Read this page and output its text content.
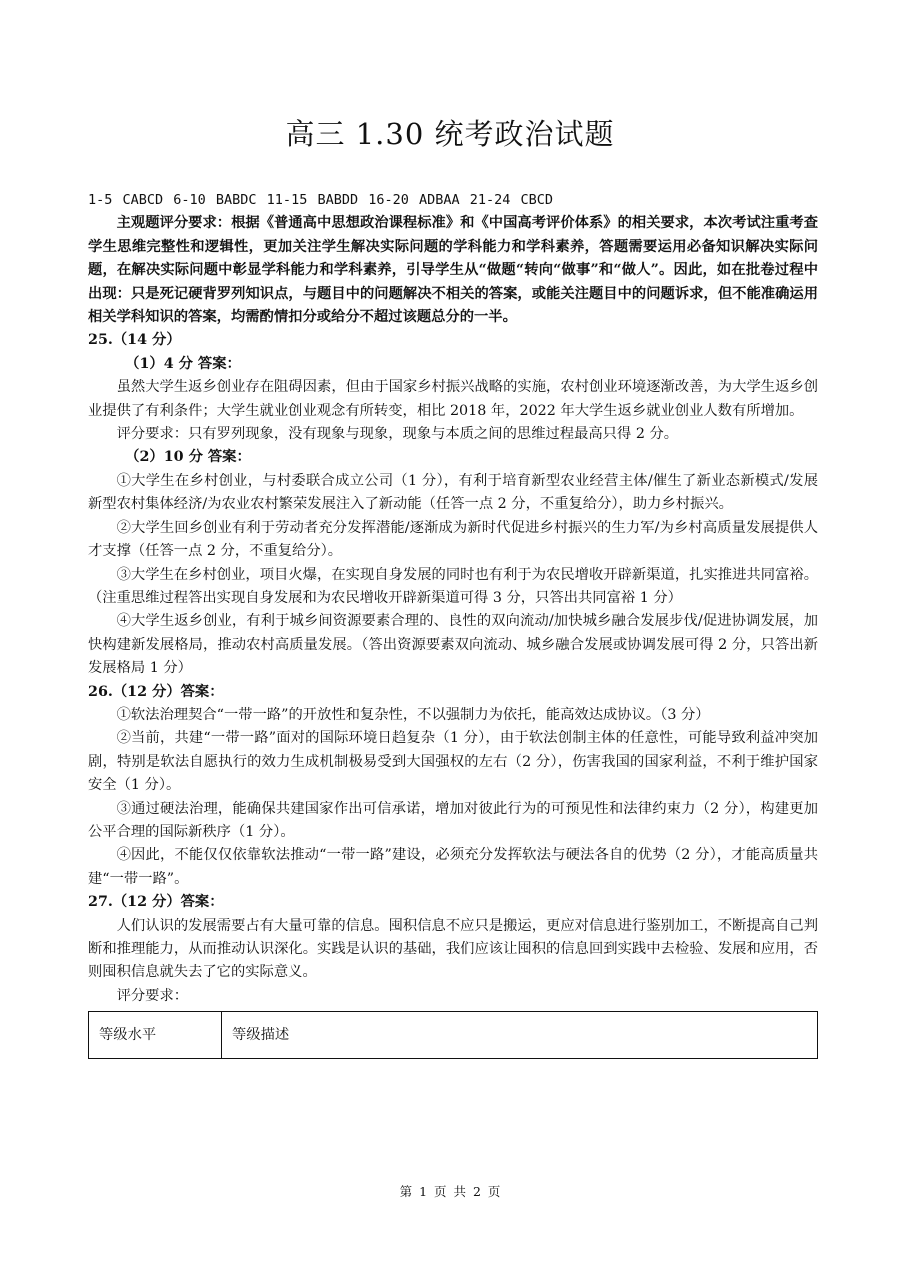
高三 1.30 统考政治试题

1-5 CABCD 6-10 BABDC 11-15 BABDD 16-20 ADBAA 21-24 CBCD

主观题评分要求：根据《普通高中思想政治课程标准》和《中国高考评价体系》的相关要求，本次考试注重考查学生思维完整性和逻辑性，更加关注学生解决实际问题的学科能力和学科素养，答题需要运用必备知识解决实际问题，在解决实际问题中彰显学科能力和学科素养，引导学生从“做题“转向“做事”和“做人”。因此，如在批卷过程中出现：只是死记硬背罗列知识点，与题目中的问题解决不相关的答案，或能关注题目中的问题诉求，但不能准确运用相关学科知识的答案，均需酌情扣分或给分不超过该题总分的一半。

25.（14 分）

（1）4 分 答案：

虽然大学生返乡创业存在阻碍因素，但由于国家乡村振兴战略的实施，农村创业环境逐渐改善，为大学生返乡创业提供了有利条件；大学生就业创业观念有所转变，相比 2018 年，2022 年大学生返乡就业创业人数有所增加。

评分要求：只有罗列现象，没有现象与现象，现象与本质之间的思维过程最高只得 2 分。

（2）10 分 答案：

①大学生在乡村创业，与村委联合成立公司（1 分），有利于培育新型农业经营主体/催生了新业态新模式/发展新型农村集体经济/为农业农村繁荣发展注入了新动能（任答一点 2 分，不重复给分），助力乡村振兴。

②大学生回乡创业有利于劳动者充分发挥潜能/逐渐成为新时代促进乡村振兴的生力军/为乡村高质量发展提供人才支撑（任答一点 2 分，不重复给分）。

③大学生在乡村创业，项目火爆，在实现自身发展的同时也有利于为农民增收开辟新渠道，扎实推进共同富裕。（注重思维过程答出实现自身发展和为农民增收开辟新渠道可得 3 分，只答出共同富裕 1 分）

④大学生返乡创业，有利于城乡间资源要素合理的、良性的双向流动/加快城乡融合发展步伐/促进协调发展，加快构建新发展格局，推动农村高质量发展。（答出资源要素双向流动、城乡融合发展或协调发展可得 2 分，只答出新发展格局 1 分）

26.（12 分）答案：

①软法治理契合“一带一路”的开放性和复杂性，不以强制力为依托，能高效达成协议。（3 分）

②当前，共建“一带一路”面对的国际环境日趋复杂（1 分），由于软法创制主体的任意性，可能导致利益冲突加剧，特别是软法自愿执行的效力生成机制极易受到大国强权的左右（2 分），伤害我国的国家利益，不利于维护国家安全（1 分）。

③通过硬法治理，能确保共建国家作出可信承诺，增加对彼此行为的可预见性和法律约束力（2 分），构建更加公平合理的国际新秩序（1 分）。

④因此，不能仅仅依靠软法推动“一带一路”建设，必须充分发挥软法与硬法各自的优势（2 分），才能高质量共建“一带一路”。

27.（12 分）答案：

人们认识的发展需要占有大量可靠的信息。囤积信息不应只是搬运，更应对信息进行鉴别加工，不断提高自己判断和推理能力，从而推动认识深化。实践是认识的基础，我们应该让囤积的信息回到实践中去检验、发展和应用，否则囤积信息就失去了它的实际意义。

评分要求：

等级水平	等级描述
第 1 页 共 2 页
